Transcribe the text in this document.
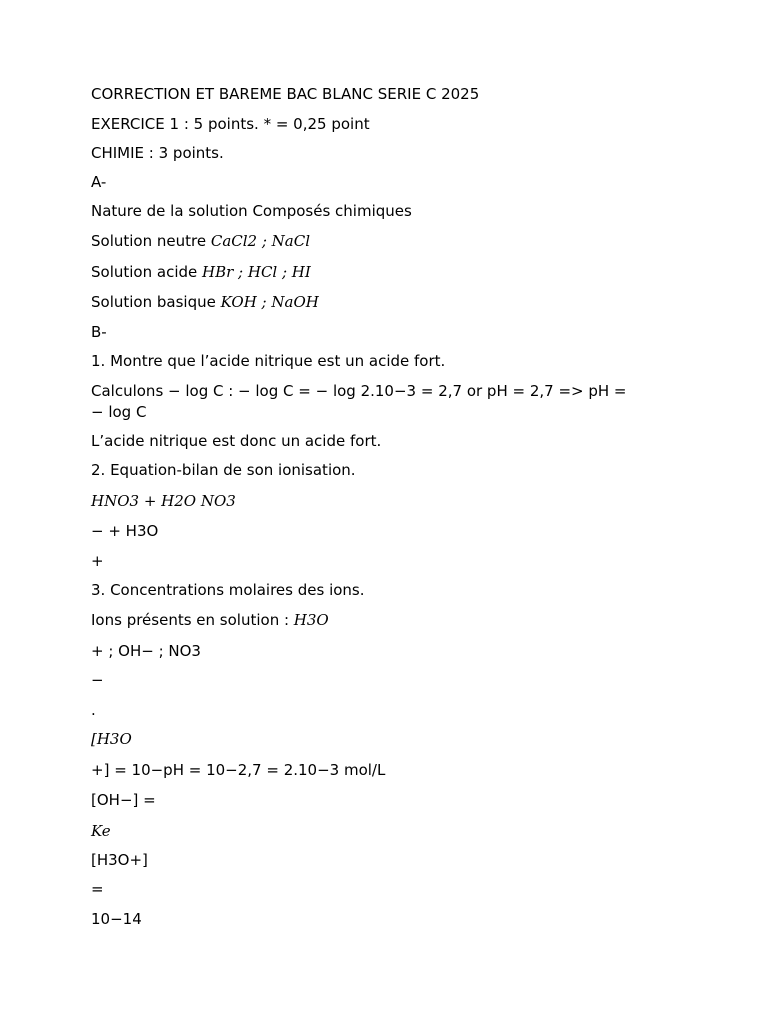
CORRECTION ET BAREME BAC BLANC SERIE C 2025
EXERCICE 1 : 5 points. * = 0,25 point
CHIMIE : 3 points.
A-
Nature de la solution Composés chimiques
Solution neutre CaCl2 ; NaCl
Solution acide HBr ; HCl ; HI
Solution basique KOH ; NaOH
B-
1. Montre que l’acide nitrique est un acide fort.
Calculons − log C : − log C = − log 2.10−3 = 2,7 or pH = 2,7 => pH =
− log C
L’acide nitrique est donc un acide fort.
2. Equation-bilan de son ionisation.
HNO3 + H2O NO3
− + H3O
+
3. Concentrations molaires des ions.
Ions présents en solution : H3O
+ ; OH− ; NO3
−
.
[H3O
+] = 10−pH = 10−2,7 = 2.10−3 mol/L
[OH−] =
Ke
[H3O+]
=
10−14
